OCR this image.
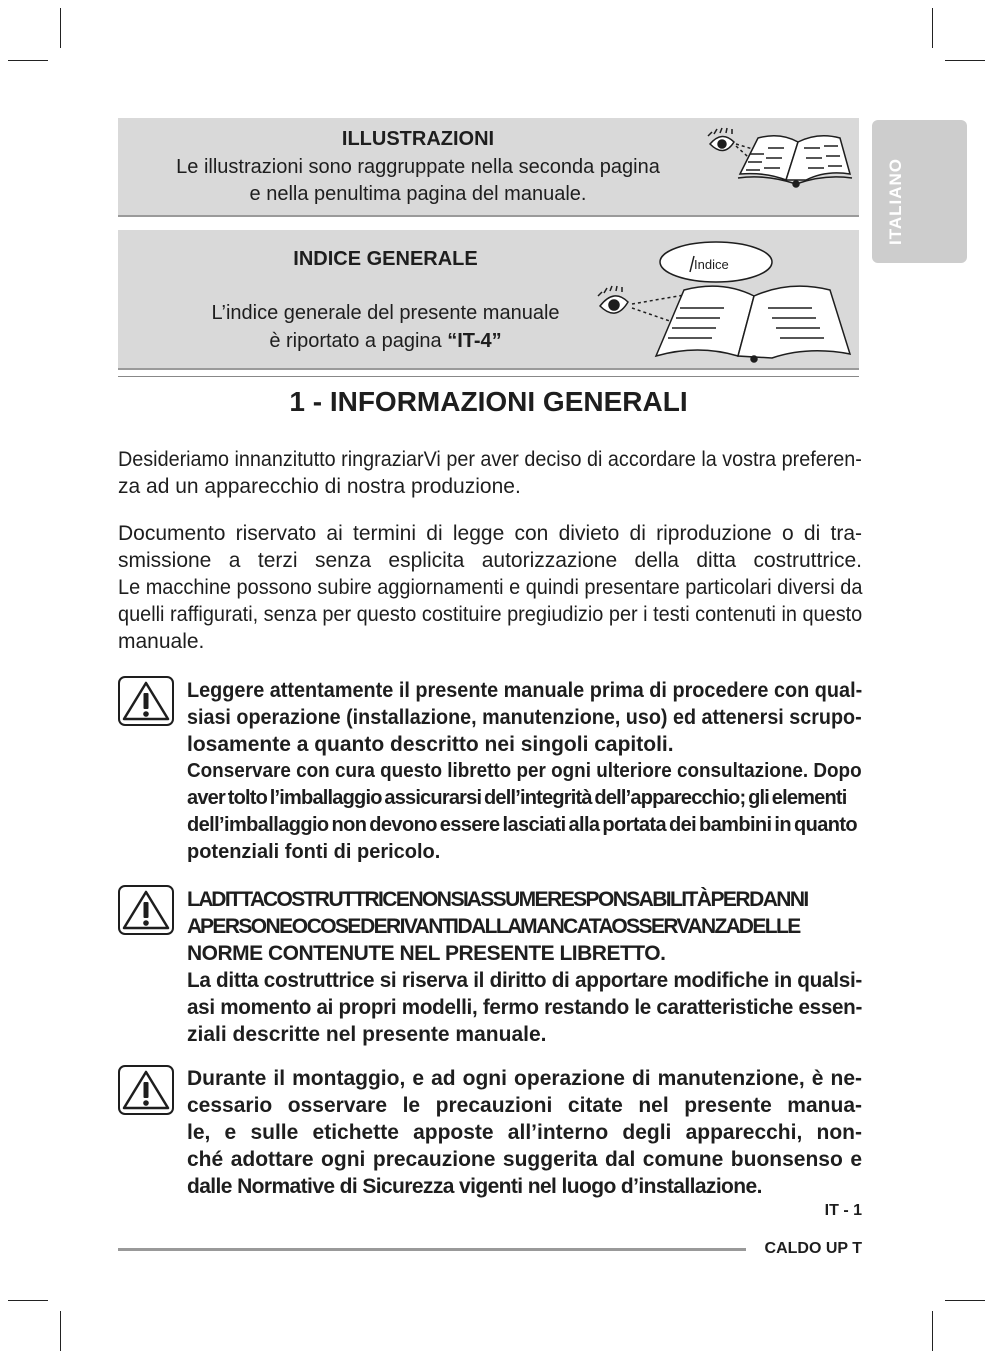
ITALIANO
ILLUSTRAZIONI
Le illustrazioni sono raggruppate nella seconda pagina
e nella penultima pagina del manuale.
INDICE GENERALE
L’indice generale del presente manuale
è riportato a pagina “IT-4”
Indice
1 - INFORMAZIONI GENERALI
Desideriamo innanzitutto ringraziarVi per aver deciso di accordare la vostra preferen-
za ad un apparecchio di nostra produzione.
Documento riservato ai termini di legge con divieto di riproduzione o di tra-
smissione a terzi senza esplicita autorizzazione della ditta costruttrice.
Le macchine possono subire aggiornamenti e quindi presentare particolari diversi da
quelli raffigurati, senza per questo costituire pregiudizio per i testi contenuti in questo
manuale.
Leggere attentamente il presente manuale prima di procedere con qual-
siasi operazione (installazione, manutenzione, uso) ed attenersi scrupo-
losamente a quanto descritto nei singoli capitoli.
Conservare con cura questo libretto per ogni ulteriore consultazione. Dopo
aver tolto l’imballaggio assicurarsi dell’integrità dell’apparecchio; gli elementi
dell’imballaggio non devono essere lasciati alla portata dei bambini in quanto
potenziali fonti di pericolo.
LA DITTA COSTRUTTRICE NON SI ASSUME RESPONSABILITÀ PER DANNI
A PERSONE O COSE DERIVANTI DALLA MANCATA OSSERVANZA DELLE
NORME CONTENUTE NEL PRESENTE LIBRETTO.
La ditta costruttrice si riserva il diritto di apportare modifiche in qualsi-
asi momento ai propri modelli, fermo restando le caratteristiche essen-
ziali descritte nel presente manuale.
Durante il montaggio, e ad ogni operazione di manutenzione, è ne-
cessario osservare le precauzioni citate nel presente manua-
le, e sulle etichette apposte all’interno degli apparecchi, non-
ché adottare ogni precauzione suggerita dal comune buonsenso e
dalle Normative di Sicurezza vigenti nel luogo d’installazione.
IT - 1
CALDO UP T
